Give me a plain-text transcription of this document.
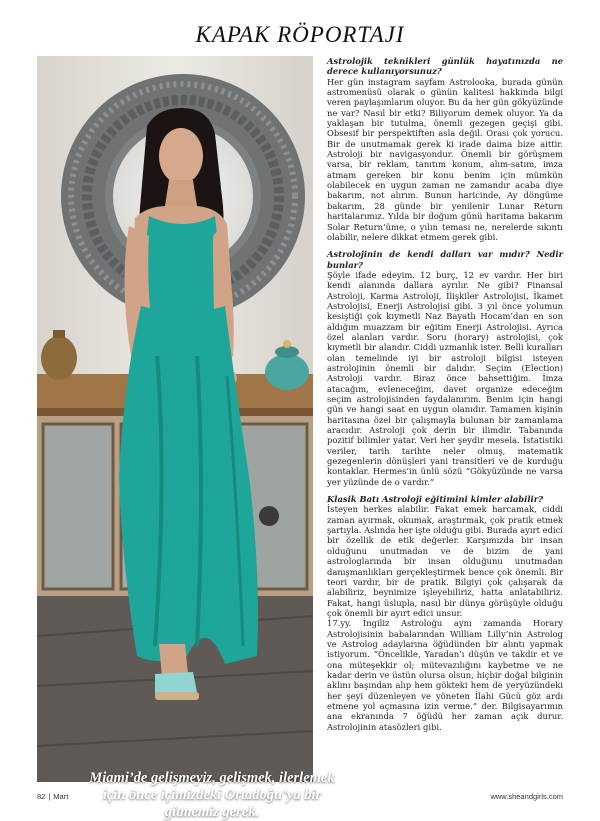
KAPAK RÖPORTAJI
Miami’de gelişmeyiz, gelişmek, ilerlemek için önce içimizdeki Ortadoğu’ya bir gitmemiz gerek.

Astrolojik teknikleri günlük hayatınızda ne derece kullanıyorsunuz?

Her gün instagram sayfam Astrolooka, burada günün astromenüsü olarak o günün kalitesi hakkında bilgi veren paylaşımlarım oluyor. Bu da her gün gökyüzünde ne var? Nasıl bir etki? Biliyorum demek oluyor. Ya da yaklaşan bir tutulma, önemli gezegen geçişi gibi. Obsesif bir perspektiften asla değil. Orası çok yorucu. Bir de unutmamak gerek ki irade daima bize aittir. Astroloji bir navigasyondur. Önemli bir görüşmem varsa, bir reklam, tanıtım konum, alım-satım, imza atmam gereken bir konu benim için mümkün olabilecek en uygun zaman ne zamandır acaba diye bakarım, not alırım. Bunun haricinde, Ay döngüme bakarım, 28 günde bir yenilenir Lunar Return haritalarımız. Yılda bir doğum günü haritama bakarım Solar Return’üme, o yılın teması ne, nerelerde sıkıntı olabilir, nelere dikkat etmem gerek gibi.

Astrolojinin de kendi dalları var mıdır? Nedir bunlar?

Şöyle ifade edeyim. 12 burç, 12 ev vardır. Her biri kendi alanında dallara ayrılır. Ne gibi? Finansal Astroloji, Karma Astroloji, İlişkiler Astrolojisi, İkamet Astrolojisi, Enerji Astrolojisi gibi. 3 yıl önce yolumun kesiştiği çok kıymetli Naz Bayatlı Hocam’dan en son aldığım muazzam bir eğitim Enerji Astrolojisi. Ayrıca özel alanları vardır. Soru (horary) astrolojisi, çok kıymetli bir alandır. Ciddi uzmanlık ister. Belli kuralları olan temelinde iyi bir astroloji bilgisi isteyen astrolojinin önemli bir dalıdır. Seçim (Election) Astroloji vardır. Biraz önce bahsettiğim. İmza atacağım, evleneceğim, davet organize edeceğim seçim astrolojisinden faydalanırım. Benim için hangi gün ve hangi saat en uygun olanıdır. Tamamen kişinin haritasına özel bir çalışmayla bulunan bir zamanlama aracıdır. Astroloji çok derin bir ilimdir. Tabanında pozitif bilimler yatar. Veri her şeydir mesela. İstatistiki veriler, tarih tarihte neler olmuş, matematik gezegenlerin dönüşleri yani transitleri ve de kurduğu kontaklar. Hermes’in ünlü sözü “Gökyüzünde ne varsa yer yüzünde de o vardır.”

Klasik Batı Astroloji eğitimini kimler alabilir?

İsteyen herkes alabilir. Fakat emek harcamak, ciddi zaman ayırmak, okumak, araştırmak, çok pratik etmek şartıyla. Aslında her işte olduğu gibi. Burada ayırt edici bir özellik de etik değerler. Karşımızda bir insan olduğunu unutmadan ve de bizim de yani astrologlarında bir insan olduğunu unutmadan danışmanlıkları gerçekleştirmek bence çok önemli. Bir teori vardır, bir de pratik. Bilgiyi çok çalışarak da alabiliriz, beynimize işleyebiliriz, hatta anlatabiliriz. Fakat, hangi üslupla, nasıl bir dünya görüşüyle olduğu çok önemli bir ayırt edici unsur.

17.yy. İngiliz Astroloğu aynı zamanda Horary Astrolojisinin babalarından William Lilly’nin Astrolog ve Astrolog adaylarına öğüdünden bir alıntı yapmak istiyorum. “Öncelikle, Yaradan’ı düşün ve takdir et ve ona müteşekkir ol; mütevazılığını kaybetme ve ne kadar derin ve üstün olursa olsun, hiçbir doğal bilginin aklını başından alıp hem gökteki hem de yeryüzündeki her şeyi düzenleyen ve yöneten İlahi Gücü göz ardı etmene yol açmasına izin verme.” der. Bilgisayarımın ana ekranında 7 öğüdü her zaman açık durur. Astrolojinin atasözleri gibi.

82 | Mart	www.sheandgirls.com
